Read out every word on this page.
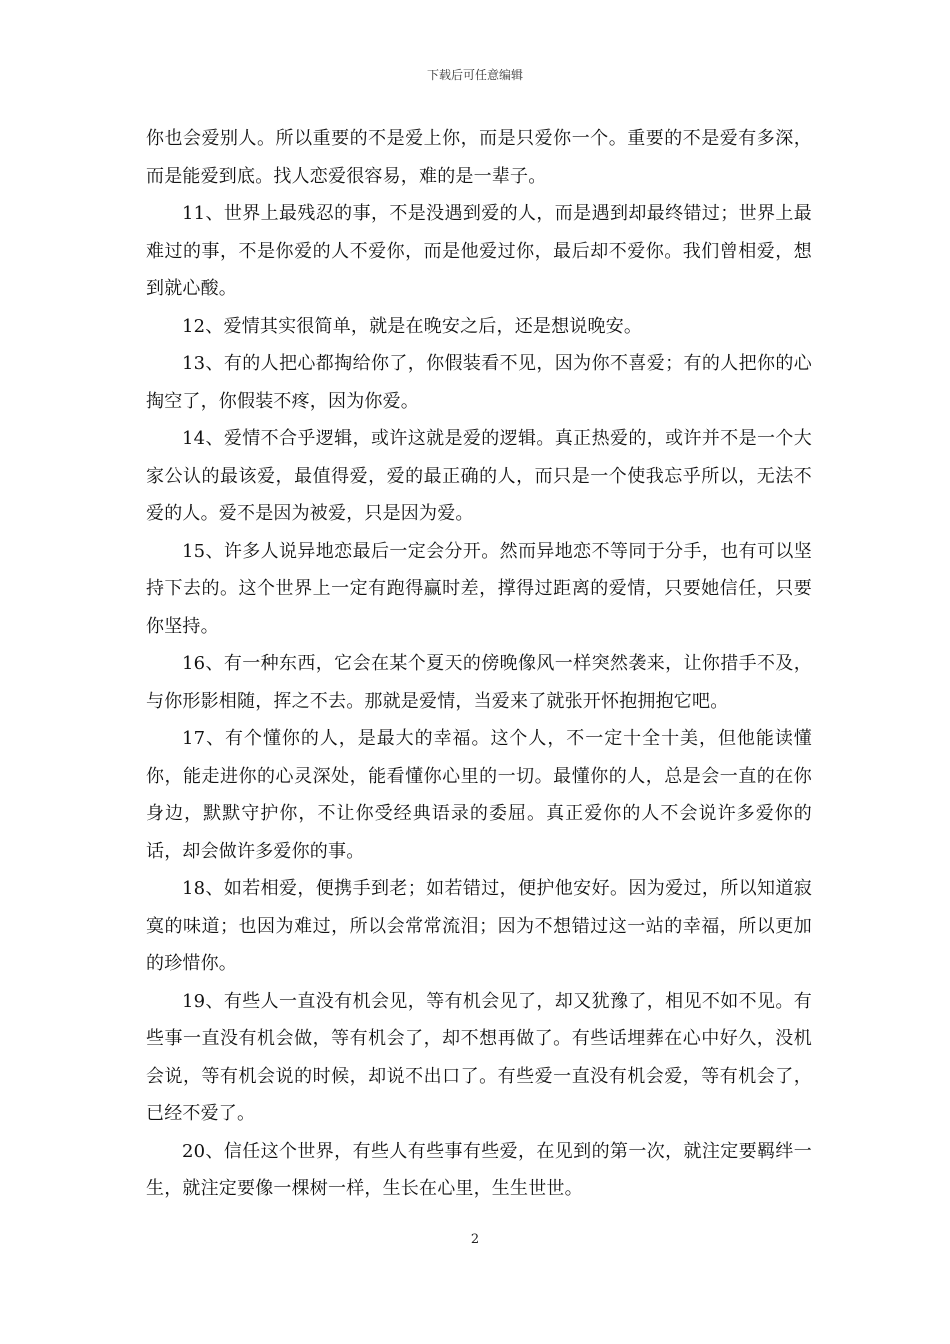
下载后可任意编辑

你也会爱别人。所以重要的不是爱上你，而是只爱你一个。重要的不是爱有多深，而是能爱到底。找人恋爱很容易，难的是一辈子。

11、世界上最残忍的事，不是没遇到爱的人，而是遇到却最终错过；世界上最难过的事，不是你爱的人不爱你，而是他爱过你，最后却不爱你。我们曾相爱，想到就心酸。

12、爱情其实很简单，就是在晚安之后，还是想说晚安。

13、有的人把心都掏给你了，你假装看不见，因为你不喜爱；有的人把你的心掏空了，你假装不疼，因为你爱。

14、爱情不合乎逻辑，或许这就是爱的逻辑。真正热爱的，或许并不是一个大家公认的最该爱，最值得爱，爱的最正确的人，而只是一个使我忘乎所以，无法不爱的人。爱不是因为被爱，只是因为爱。

15、许多人说异地恋最后一定会分开。然而异地恋不等同于分手，也有可以坚持下去的。这个世界上一定有跑得赢时差，撑得过距离的爱情，只要她信任，只要你坚持。

16、有一种东西，它会在某个夏天的傍晚像风一样突然袭来，让你措手不及，与你形影相随，挥之不去。那就是爱情，当爱来了就张开怀抱拥抱它吧。

17、有个懂你的人，是最大的幸福。这个人，不一定十全十美，但他能读懂你，能走进你的心灵深处，能看懂你心里的一切。最懂你的人，总是会一直的在你身边，默默守护你，不让你受经典语录的委屈。真正爱你的人不会说许多爱你的话，却会做许多爱你的事。

18、如若相爱，便携手到老；如若错过，便护他安好。因为爱过，所以知道寂寞的味道；也因为难过，所以会常常流泪；因为不想错过这一站的幸福，所以更加的珍惜你。

19、有些人一直没有机会见，等有机会见了，却又犹豫了，相见不如不见。有些事一直没有机会做，等有机会了，却不想再做了。有些话埋葬在心中好久，没机会说，等有机会说的时候，却说不出口了。有些爱一直没有机会爱，等有机会了，已经不爱了。

20、信任这个世界，有些人有些事有些爱，在见到的第一次，就注定要羁绊一生，就注定要像一棵树一样，生长在心里，生生世世。

2
